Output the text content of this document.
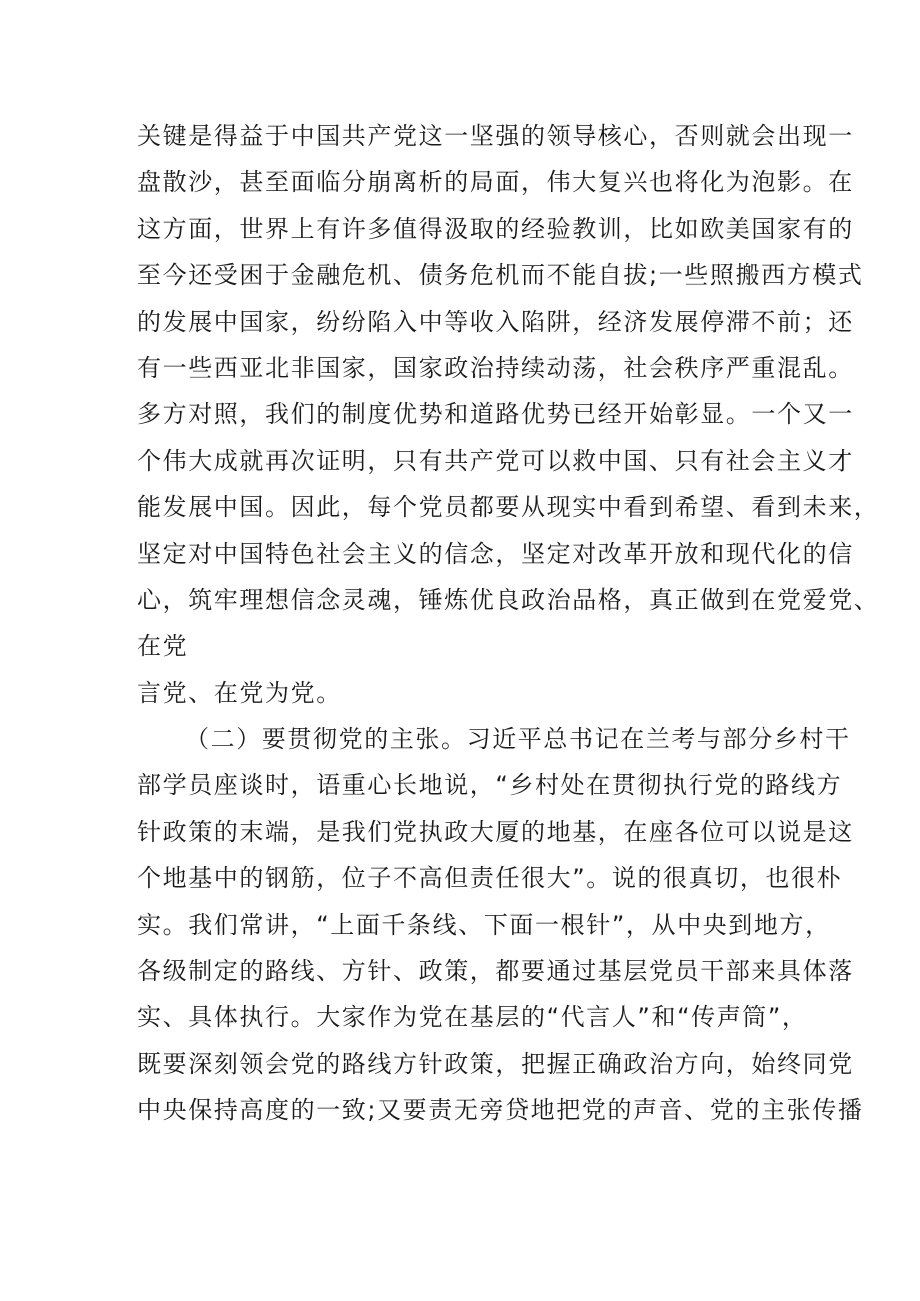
关键是得益于中国共产党这一坚强的领导核心，否则就会出现一
盘散沙，甚至面临分崩离析的局面，伟大复兴也将化为泡影。在
这方面，世界上有许多值得汲取的经验教训，比如欧美国家有的
至今还受困于金融危机、债务危机而不能自拔;一些照搬西方模式
的发展中国家，纷纷陷入中等收入陷阱，经济发展停滞不前；还
有一些西亚北非国家，国家政治持续动荡，社会秩序严重混乱。
多方对照，我们的制度优势和道路优势已经开始彰显。一个又一
个伟大成就再次证明，只有共产党可以救中国、只有社会主义才
能发展中国。因此，每个党员都要从现实中看到希望、看到未来，
坚定对中国特色社会主义的信念，坚定对改革开放和现代化的信
心，筑牢理想信念灵魂，锤炼优良政治品格，真正做到在党爱党、
在党
言党、在党为党。
（二）要贯彻党的主张。习近平总书记在兰考与部分乡村干
部学员座谈时，语重心长地说，“乡村处在贯彻执行党的路线方
针政策的末端，是我们党执政大厦的地基，在座各位可以说是这
个地基中的钢筋，位子不高但责任很大”。说的很真切，也很朴
实。我们常讲，“上面千条线、下面一根针”，从中央到地方，
各级制定的路线、方针、政策，都要通过基层党员干部来具体落
实、具体执行。大家作为党在基层的“代言人”和“传声筒”，
既要深刻领会党的路线方针政策，把握正确政治方向，始终同党
中央保持高度的一致;又要责无旁贷地把党的声音、党的主张传播
